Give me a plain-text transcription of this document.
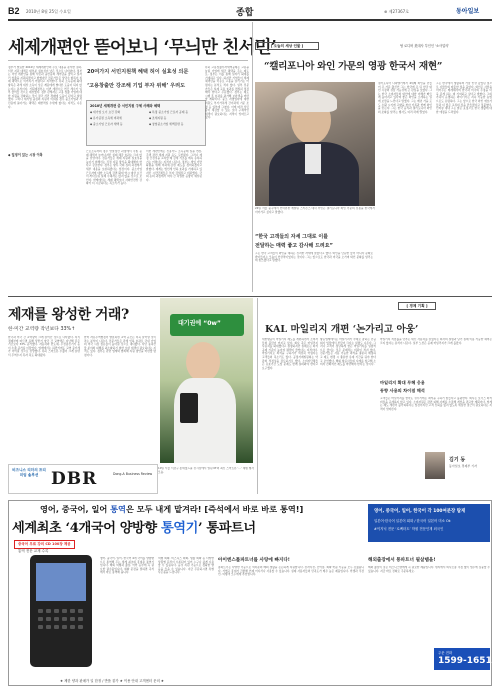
B2 2010년 8월 25일 수요일	종합	⊕ 제27367호	동아일보
세제개편안 뜯어보니 ‘무늬만 친서민’
20여가지 서민지원책 혜택 허이 실효성 의문
‘고용창출만 강조해 기업 부자 위해’ 우려도
정부가 발표한 2010년 세제개편안의 주요 내용을 분석한 결과, 서민 지원 대책은 대부분 실효성이 낮은 것으로 나타났다. 정부는 이번 개편안을 통해 서민과 중산층의 세부담을 줄이고 일자리 창출을 지원하겠다고 밝혔지만 전문가들은 상당수 항목이 실제 혜택으로 이어지기 어렵다고 지적한다. 특히 소득공제 확대 항목은 과세 대상 소득이 낮은 계층에게 별다른 도움이 되지 않는다는 분석이다. 기획재정부는 이번 개편으로 연간 세수가 일부 줄어들 것으로 예상했다. 정부 관계자는 고용 창출 기업에 대한 지원을 강화하는 것이 결국 서민 경제에 도움이 된다고 설명했다. 그러나 대기업 중심의 지원이 이뤄질 경우 중소기업과 서민층에 돌아가는 혜택은 제한적일 수밖에 없다는 지적도 나온다.
◆ 일정이 있는 시장 이목
2010년 세제개편 중 서민지원 구체 사례와 혜택
◆ 대기업 오너 요건 강화
◆ 유가증권 소득세 비과세
◆ 중소기업 근로자 세액 등
◆ 특정 중소기업 근로자 공제 등
◆ 조세지원 등
◆ 창업중소기업 세액감면 등
근로소득자의 경우 연말정산 과정에서 각종 공제 혜택이 늘어나지만 실제 체감 효과는 크지 않을 전망이다. 전문가들은 세제 지원의 실효성을 높이기 위해서는 직접 지원 방식을 확대해야 한다고 강조한다. 정부는 향후 국회 심의 과정에서 세부 내용을 보완하겠다는 입장이다. 중소기업 근로자에 대한 소득세 감면 확대 역시 대상 요건이 까다로워 실제 수혜자는 많지 않을 것으로 보인다. 학계에서는 세제 혜택보다 사회안전망 강화가 더 시급하다는 목소리가 높다.
이번 개편안에는 신용카드 소득공제 일몰 연장, 주택 관련 세제 지원 등도 포함됐다. 그러나 재정 건전성을 고려할 때 감세 기조를 계속 유지하기는 어렵다는 지적이 나온다. 정부는 세입 기반 확충을 위해 비과세·감면 제도를 정비하겠다고 밝혔다. 재계는 법인세 인하 효과를 기대하고 있지만 시민단체들은 부자 감세라고 비판했다. 국회 논의 과정에서 여야 간 치열한 공방이 예상된다.
특히 고용창출투자세액공제는 고용을 늘린 기업에 세금 혜택을 주는 제도로, 정부는 이를 통해 일자리 확대를 기대하고 있다. 하지만 기업들이 세제 혜택만을 이유로 고용을 늘리기는 어렵다는 분석도 적지 않다. 일부 전문가들은 실제 고용 효과를 면밀히 점검해야 한다고 주문했다. 정부는 제도 시행 후 효과를 평가해 보완책을 마련할 계획이다. 중소 자영업자에 대한 지원도 부가가치세 간이과세 기준 조정 등 일부에 그쳤다. 이에 따라 서민층이 체감할 수 있는 보다 구체적인 대책이 필요하다는 지적이 잇따르고 있다.
[ 오늘의 세상 인물 ]	팀 로디버 美대사 부인인 ‘소사업의’
“캘리포니아 와인 가문의 영광 한국서 재현”
24일 서울 중구에서 인터뷰한 캐슬린 스티븐스 대사 부인은 캘리포니아 와인 가문의 전통을 한국에서 이어가고 싶다고 말했다.
캘리포니아 나파밸리에서 4대째 와인을 만들어 온 가문 출신인 그는 한국에 온 뒤 한국 와인 시장의 성장 가능성에 큰 관심을 보였다. 그는 한국 소비자들의 와인에 대한 이해가 빠르게 높아지고 있다며 좋은 와인을 소개하는 일에 보람을 느낀다고 말했다. 그는 매년 가을 포도 수확 시기에 고향을 찾아 가족과 함께 와인을 만든다. 그는 한국 음식과 캘리포니아 와인의 조화를 알리는 행사도 여러 차례 열었다.
그는 한국에서 생활하며 가장 인상 깊었던 점으로 사람들의 따뜻한 정을 꼽았다. 와인은 사람을 이어주는 매개체라며 한국과 미국의 우정을 더욱 깊게 하는 데 기여하고 싶다고 밝혔다. 그의 가족이 운영하는 와이너리는 지속 가능한 농법으로도 유명하다. 그는 앞으로 한국 와인 애호가들과 더 많은 교류의 장을 만들겠다고 덧붙였다. 인터뷰 내내 그는 밝은 표정으로 한국 생활에 대한 애정을 드러냈다.
“한국 고객들의 자세 그대로 이를
전달하는 매력 좋고 감사해 드려요”
그는 한국 고객들이 와인을 대하는 진지한 자세에 놀랐다고 했다. 와인을 단순한 술이 아니라 문화로 받아들이는 모습이 인상적이었다는 것이다. 그는 앞으로도 한국과 미국을 오가며 와인 문화를 알리는 데 힘쓰겠다고 말했다.
제재를 왕성한 거래?
한·미간 교역량 작년보다 33%↑
한국과 미국 간 교역량이 크게 늘어난 것으로 나타났다. 지식경제부에 따르면 올해 상반기 양국 간 교역액은 지난해 같은 기간보다 33% 증가했다. 자동차와 반도체, 무선통신기기 등이 수출 증가를 이끌었다. 업계에서는 하반기에도 교역 증가세가 이어질 것으로 전망했다. 특히 스마트폰 수출이 크게 늘면서 무역수지 흑자 폭도 확대됐다.
한미 자유무역협정이 발효되면 교역 규모는 더욱 늘어날 것이라는 분석이 나온다. 전문가들은 관세 인하 효과로 국내 기업의 미국 시장 점유율이 높아질 것으로 내다봤다. 다만 농축산물 분야의 피해를 최소화하기 위한 보완 대책이 필요하다는 지적도 있다. 정부는 관련 업계와 협의해 지원 방안을 마련할 방침이다.
대기권에 “0w”
10일 서울 서초구 롯데월드몰 전시장에서 열린 KT의 최신 스마트폰 ‘...’ 체험 행사 모습.
비즈니스 리더의 프리미엄 솔루션 DBR	Dong-A Business Review
[ 경제 기획 ]
KAL 마일리지 개편 ‘논가리고 아웅’
대한항공이 마일리지 제도를 개편하면서 소비자들의 불만이 커지고 있다. 회사 측은 마일리지 사용처를 확대했다고 설명하지만 실제로는 좌석 공제 기준이 높아져 혜택이 줄었다는 지적이다. 마일리지로 좌석을 구하기가 여전히 어렵다는 고객들의 목소리도 많다. 공정거래위원회는 약관의 적정성을 검토하기로 했다. 소비자단체들은 유효기간 도입 문제도 함께 살펴봐야 한다고 요구했다.
항공업계에서는 마일리지가 부채로 잡히는 만큼 회사 입장에서 부담이 크다는 설명도 나온다. 그러나 고객이 정당하게 쌓은 마일리지를 일방적으로 줄이는 것은 문제라는 비판이 적지 않다. 전문가들은 사용 가능한 좌석을 충분히 배정하고 제도 변경 시 충분한 유예 기간을 둬야 한다고 조언했다. 해외 항공사들의 사례를 참고해 소비자 친화적인 제도를 마련해야 한다는 것이다.
마일리지 적립률을 낮추는 대신 사용처를 늘렸다는 회사의 설명과 달리 실제 이용 가능한 혜택은 크지 않다는 분석이 나온다. 일부 노선은 공제 마일리지가 크게 올랐다.
마일리지 확대 무혜 응용
동향 사용의 차이점 해석
고객들은 마일리지를 쌓아도 성수기에는 좌석을 구하기 힘들다고 불평한다. 회사는 보너스 좌석 비율을 공개하지 않고 있다. 소비자원은 관련 피해 사례를 수집해 개선을 권고할 계획이다. 업계는 제도 개편이 불가피하다는 입장이지만 고객 신뢰를 잃지 않도록 세심한 접근이 필요하다는 지적이 잇따른다.
김기 동
동아일보 경제부 기자
영어, 중국어, 일어 통역은 모두 내게 맡겨라! [즉석에서 바로 바로 통역!]
세계최초 ‘4개국어 양방향 통역기’ 통파트너
영어, 중국어, 일어, 한국어 각 100여분장 탑재
일본어·한국어 일본어 회화 / 한국어 일본어 미소 Ok
#이지닉 전문 ‘로팩터트’ 학원 전문인재 외국인
중국어 무료 강의 CD 100장 제공
통역 전문 교재 수록
영어, 중국어, 일어, 한국어 4개 국어를 양방향으로 통역해 주는 세계 최초의 휴대용 통역기입니다. 해외 여행과 출장, 어학 공부에 꼭 필요한 필수품입니다. 회화 문장을 말하면 즉석에서 바로 통역해 줍니다.
여행 회화, 비즈니스 회화, 생활 회화 등 다양한 상황별 문장이 수록되어 있어 누구나 쉽게 사용할 수 있습니다. 음성 지원 기능으로 정확한 발음을 들을 수 있습니다. 지금 주문하시면 특별 사은품을 드립니다.
아이엔스툴파트너를 사랑에 빠지다!
통파트너는 다양한 기능으로 여러분의 해외 생활을 든든하게 지원합니다. 전자사전, 단어장, 회화 학습 기능을 모두 갖췄습니다. 가볍고 휴대가 간편해 언제 어디서나 사용할 수 있습니다. 실제 사용자들의 만족도가 매우 높은 제품입니다. 학생과 직장인, 여행객 모두에게 추천합니다.
해외출장에서 통파트너 필살템을!
해외 출장이 잦은 비즈니스맨에게 꼭 필요한 제품입니다. 현지에서 의사소통 걱정 없이 업무에 집중할 수 있습니다. 지금 바로 전화로 주문하세요.
주문 전화
1599-1651
★ 제한 양과 판매가 일 한정 / 반품 불가 ★ 이용 안내 고객센터 문의 ★
